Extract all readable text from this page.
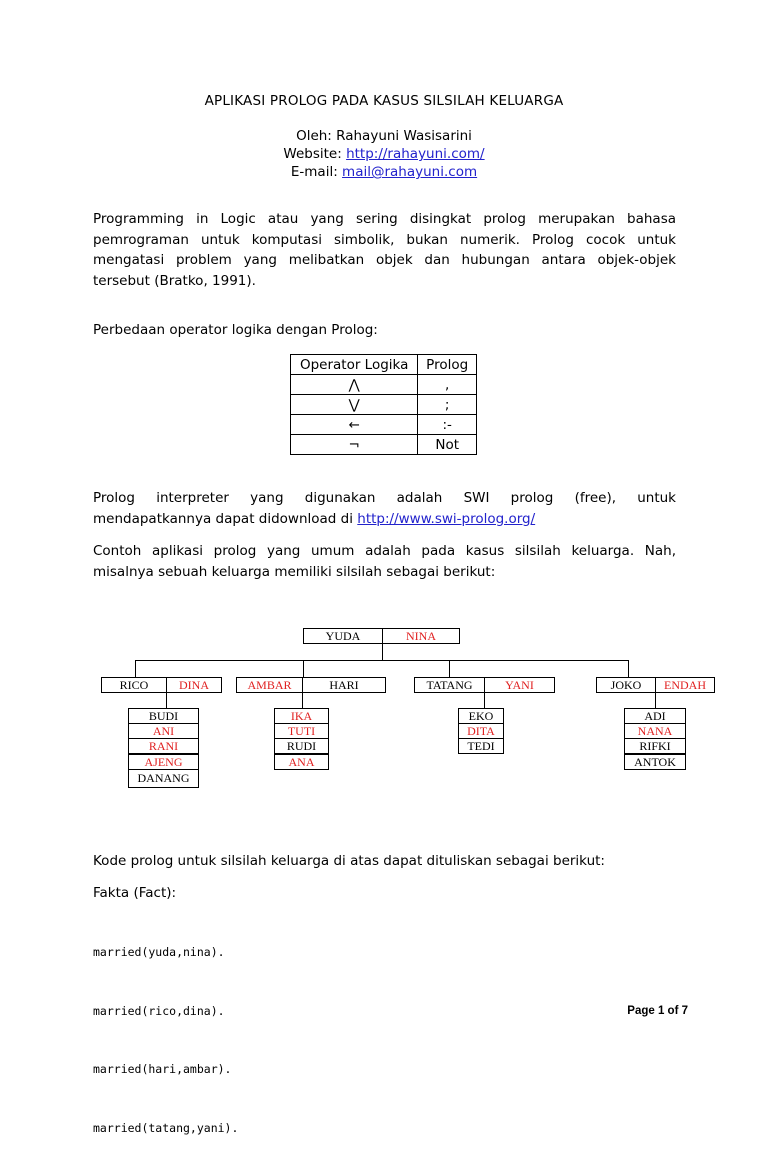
APLIKASI PROLOG PADA KASUS SILSILAH KELUARGA
Oleh: Rahayuni Wasisarini
Website: http://rahayuni.com/
E-mail: mail@rahayuni.com
Programming in Logic atau yang sering disingkat prolog merupakan bahasa
pemrograman untuk komputasi simbolik, bukan numerik. Prolog cocok untuk
mengatasi problem yang melibatkan objek dan hubungan antara objek-objek
tersebut (Bratko, 1991).
Perbedaan operator logika dengan Prolog:
Operator Logika	Prolog
⋀	,
⋁	;
←	:-
¬	Not
Prolog interpreter yang digunakan adalah SWI prolog (free), untuk
mendapatkannya dapat didownload di http://www.swi-prolog.org/
Contoh aplikasi prolog yang umum adalah pada kasus silsilah keluarga. Nah,
misalnya sebuah keluarga memiliki silsilah sebagai berikut:
YUDA	NINA
RICO	DINA
BUDI
ANI
RANI
AJENG
DANANG
AMBAR	HARI
IKA
TUTI
RUDI
ANA
TATANG	YANI
EKO
DITA
TEDI
JOKO	ENDAH
ADI
NANA
RIFKI
ANTOK
Kode prolog untuk silsilah keluarga di atas dapat dituliskan sebagai berikut:
Fakta (Fact):

married(yuda,nina).

married(rico,dina).

married(hari,ambar).

married(tatang,yani).

Page 1 of 7
